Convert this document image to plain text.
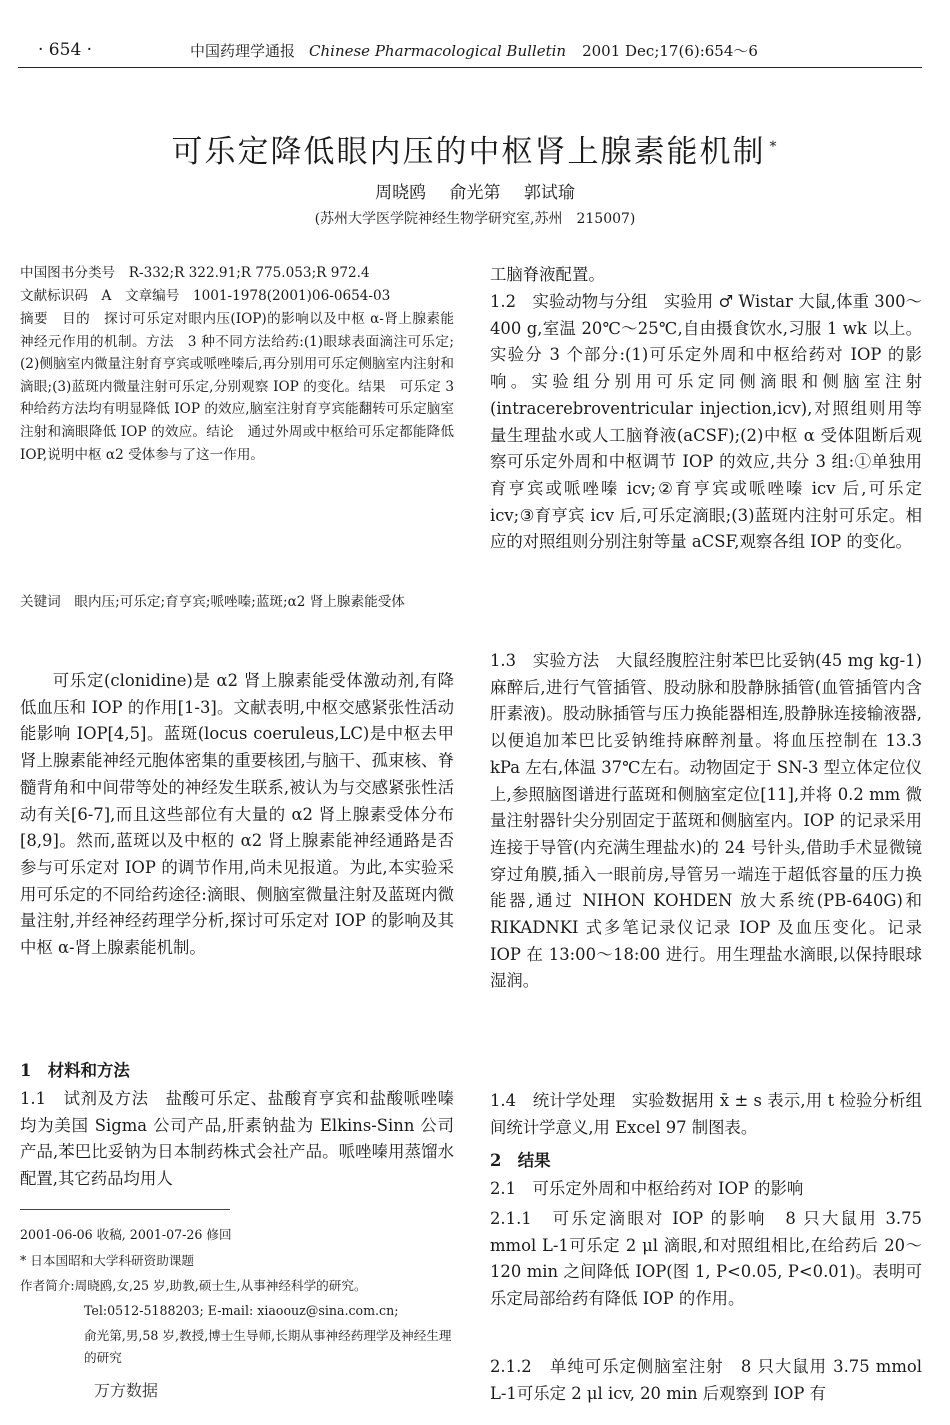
· 654 ·	中国药理学通报 Chinese Pharmacological Bulletin 2001 Dec;17(6):654～6
可乐定降低眼内压的中枢肾上腺素能机制 *
周晓鸥 俞光第 郭试瑜
(苏州大学医学院神经生物学研究室,苏州　215007)
中国图书分类号　R-332;R 322.91;R 775.053;R 972.4
文献标识码　A　文章编号　1001-1978(2001)06-0654-03
摘要　目的　探讨可乐定对眼内压(IOP)的影响以及中枢 α-肾上腺素能神经元作用的机制。方法　3 种不同方法给药:(1)眼球表面滴注可乐定;(2)侧脑室内微量注射育亨宾或哌唑嗪后,再分别用可乐定侧脑室内注射和滴眼;(3)蓝斑内微量注射可乐定,分别观察 IOP 的变化。结果　可乐定 3 种给药方法均有明显降低 IOP 的效应,脑室注射育亨宾能翻转可乐定脑室注射和滴眼降低 IOP 的效应。结论　通过外周或中枢给可乐定都能降低 IOP,说明中枢 α2 受体参与了这一作用。
关键词　眼内压;可乐定;育亨宾;哌唑嗪;蓝斑;α2 肾上腺素能受体
可乐定(clonidine)是 α2 肾上腺素能受体激动剂,有降低血压和 IOP 的作用[1-3]。文献表明,中枢交感紧张性活动能影响 IOP[4,5]。蓝斑(locus coeruleus,LC)是中枢去甲肾上腺素能神经元胞体密集的重要核团,与脑干、孤束核、脊髓背角和中间带等处的神经发生联系,被认为与交感紧张性活动有关[6-7],而且这些部位有大量的 α2 肾上腺素受体分布[8,9]。然而,蓝斑以及中枢的 α2 肾上腺素能神经通路是否参与可乐定对 IOP 的调节作用,尚未见报道。为此,本实验采用可乐定的不同给药途径:滴眼、侧脑室微量注射及蓝斑内微量注射,并经神经药理学分析,探讨可乐定对 IOP 的影响及其中枢 α-肾上腺素能机制。
1　材料和方法
1.1　试剂及方法　盐酸可乐定、盐酸育亨宾和盐酸哌唑嗪均为美国 Sigma 公司产品,肝素钠盐为 Elkins-Sinn 公司产品,苯巴比妥钠为日本制药株式会社产品。哌唑嗪用蒸馏水配置,其它药品均用人
2001-06-06 收稿, 2001-07-26 修回
* 日本国昭和大学科研资助课题
作者简介:周晓鸥,女,25 岁,助教,硕士生,从事神经科学的研究。
Tel:0512-5188203; E-mail: xiaoouz@sina.com.cn;
俞光第,男,58 岁,教授,博士生导师,长期从事神经药理学及神经生理的研究
万方数据
工脑脊液配置。
1.2　实验动物与分组　实验用 ♂ Wistar 大鼠,体重 300～400 g,室温 20℃～25℃,自由摄食饮水,习服 1 wk 以上。实验分 3 个部分:(1)可乐定外周和中枢给药对 IOP 的影响。实验组分别用可乐定同侧滴眼和侧脑室注射(intracerebroventricular injection,icv),对照组则用等量生理盐水或人工脑脊液(aCSF);(2)中枢 α 受体阻断后观察可乐定外周和中枢调节 IOP 的效应,共分 3 组:①单独用育亨宾或哌唑嗪 icv;②育亨宾或哌唑嗪 icv 后,可乐定 icv;③育亨宾 icv 后,可乐定滴眼;(3)蓝斑内注射可乐定。相应的对照组则分别注射等量 aCSF,观察各组 IOP 的变化。
1.3　实验方法　大鼠经腹腔注射苯巴比妥钠(45 mg kg-1)麻醉后,进行气管插管、股动脉和股静脉插管(血管插管内含肝素液)。股动脉插管与压力换能器相连,股静脉连接输液器,以便追加苯巴比妥钠维持麻醉剂量。将血压控制在 13.3 kPa 左右,体温 37℃左右。动物固定于 SN-3 型立体定位仪上,参照脑图谱进行蓝斑和侧脑室定位[11],并将 0.2 mm 微量注射器针尖分别固定于蓝斑和侧脑室内。IOP 的记录采用连接于导管(内充满生理盐水)的 24 号针头,借助手术显微镜穿过角膜,插入一眼前房,导管另一端连于超低容量的压力换能器,通过 NIHON KOHDEN 放大系统(PB-640G)和 RIKADNKI 式多笔记录仪记录 IOP 及血压变化。记录 IOP 在 13:00～18:00 进行。用生理盐水滴眼,以保持眼球湿润。
1.4　统计学处理　实验数据用 x̄ ± s 表示,用 t 检验分析组间统计学意义,用 Excel 97 制图表。
2　结果
2.1　可乐定外周和中枢给药对 IOP 的影响
2.1.1　可乐定滴眼对 IOP 的影响　8 只大鼠用 3.75 mmol L-1可乐定 2 μl 滴眼,和对照组相比,在给药后 20～120 min 之间降低 IOP(图 1, P<0.05, P<0.01)。表明可乐定局部给药有降低 IOP 的作用。
2.1.2　单纯可乐定侧脑室注射　8 只大鼠用 3.75 mmol L-1可乐定 2 μl icv, 20 min 后观察到 IOP 有
